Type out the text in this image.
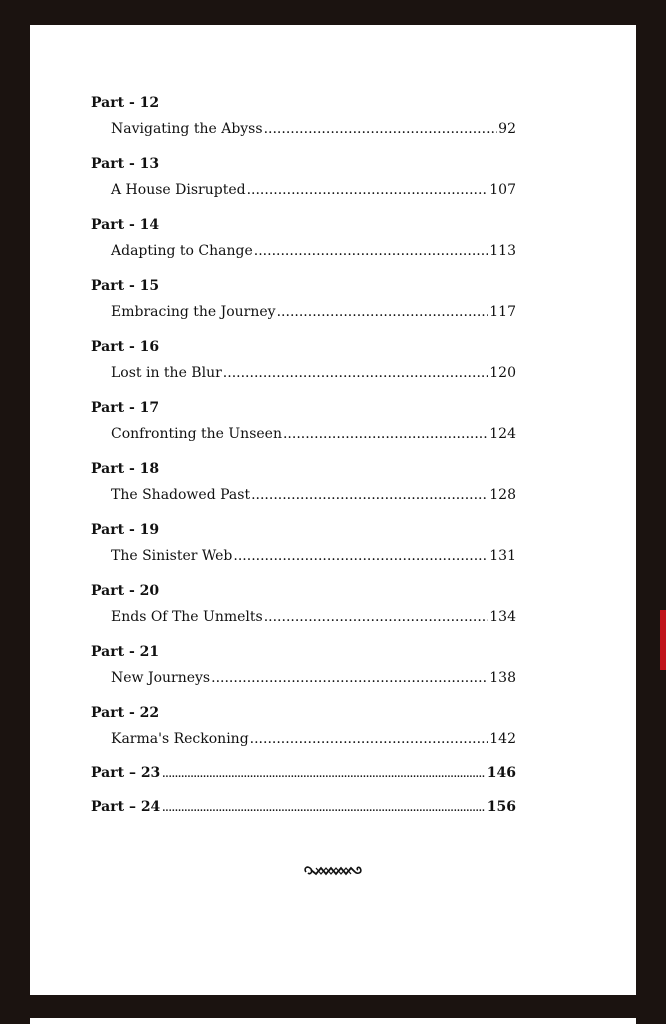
Part - 12
Navigating the Abyss .....	92
Part - 13
A House Disrupted .....	107
Part - 14
Adapting to Change .....	113
Part - 15
Embracing the Journey .....	117
Part - 16
Lost in the Blur .....	120
Part - 17
Confronting the Unseen .....	124
Part - 18
The Shadowed Past .....	128
Part - 19
The Sinister Web .....	131
Part - 20
Ends Of The Unmelts .....	134
Part - 21
New Journeys .....	138
Part - 22
Karma's Reckoning .....	142
Part – 23 .....	146
Part – 24 .....	156
